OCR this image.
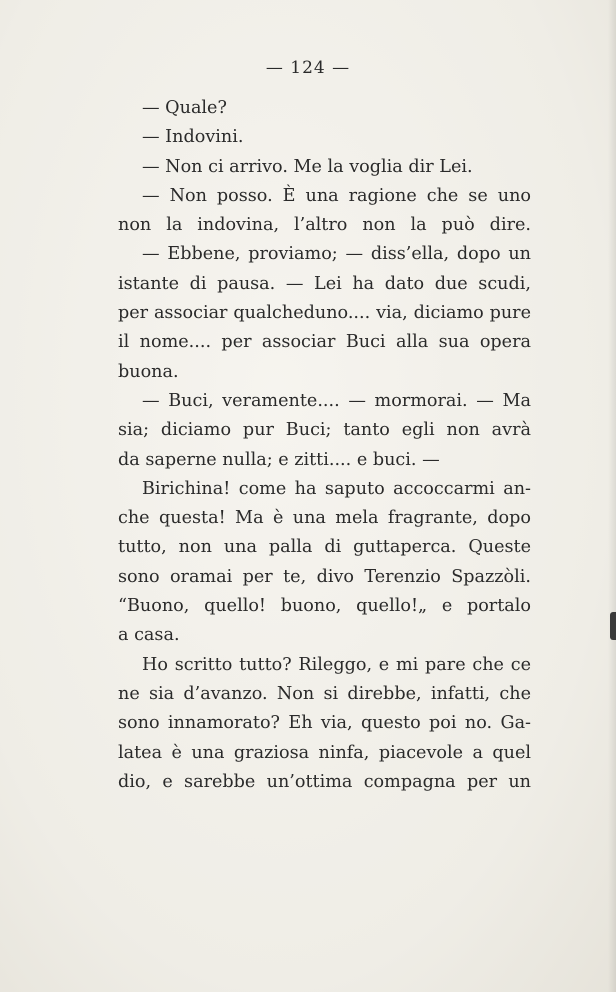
— 124 —
— Quale?
— Indovini.
— Non ci arrivo. Me la voglia dir Lei.
— Non posso. È una ragione che se uno
non la indovina, l’altro non la può dire.
— Ebbene, proviamo; — diss’ella, dopo un
istante di pausa. — Lei ha dato due scudi,
per associar qualcheduno.... via, diciamo pure
il nome.... per associar Buci alla sua opera
buona.
— Buci, veramente.... — mormorai. — Ma
sia; diciamo pur Buci; tanto egli non avrà
da saperne nulla; e zitti.... e buci. —
Birichina! come ha saputo accoccarmi an-
che questa! Ma è una mela fragrante, dopo
tutto, non una palla di guttaperca. Queste
sono oramai per te, divo Terenzio Spazzòli.
“Buono, quello! buono, quello!„ e portalo
a casa.
Ho scritto tutto? Rileggo, e mi pare che ce
ne sia d’avanzo. Non si direbbe, infatti, che
sono innamorato? Eh via, questo poi no. Ga-
latea è una graziosa ninfa, piacevole a quel
dio, e sarebbe un’ottima compagna per un
